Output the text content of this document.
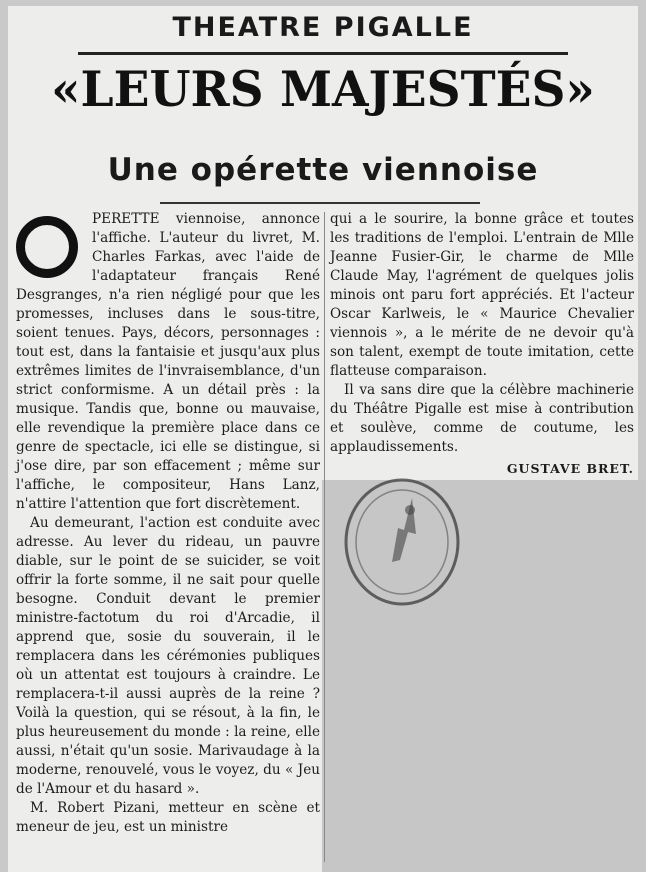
THEATRE PIGALLE
«LEURS MAJESTÉS»
Une opérette viennoise

PERETTE viennoise, annonce l'affiche. L'auteur du livret, M. Charles Farkas, avec l'aide de l'adaptateur français René Desgranges, n'a rien négligé pour que les promesses, incluses dans le sous-titre, soient tenues. Pays, décors, personnages : tout est, dans la fantaisie et jusqu'aux plus extrêmes limites de l'invraisemblance, d'un strict conformisme. A un détail près : la musique. Tandis que, bonne ou mauvaise, elle revendique la première place dans ce genre de spectacle, ici elle se distingue, si j'ose dire, par son effacement ; même sur l'affiche, le compositeur, Hans Lanz, n'attire l'attention que fort discrètement.

Au demeurant, l'action est conduite avec adresse. Au lever du rideau, un pauvre diable, sur le point de se suicider, se voit offrir la forte somme, il ne sait pour quelle besogne. Conduit devant le premier ministre-factotum du roi d'Arcadie, il apprend que, sosie du souverain, il le remplacera dans les cérémonies publiques où un attentat est toujours à craindre. Le remplacera-t-il aussi auprès de la reine ? Voilà la question, qui se résout, à la fin, le plus heureusement du monde : la reine, elle aussi, n'était qu'un sosie. Marivaudage à la moderne, renouvelé, vous le voyez, du « Jeu de l'Amour et du hasard ».

M. Robert Pizani, metteur en scène et meneur de jeu, est un ministre

qui a le sourire, la bonne grâce et toutes les traditions de l'emploi. L'entrain de Mlle Jeanne Fusier-Gir, le charme de Mlle Claude May, l'agrément de quelques jolis minois ont paru fort appréciés. Et l'acteur Oscar Karlweis, le « Maurice Chevalier viennois », a le mérite de ne devoir qu'à son talent, exempt de toute imitation, cette flatteuse comparaison.

Il va sans dire que la célèbre machinerie du Théâtre Pigalle est mise à contribution et soulève, comme de coutume, les applaudissements.

GUSTAVE BRET.
